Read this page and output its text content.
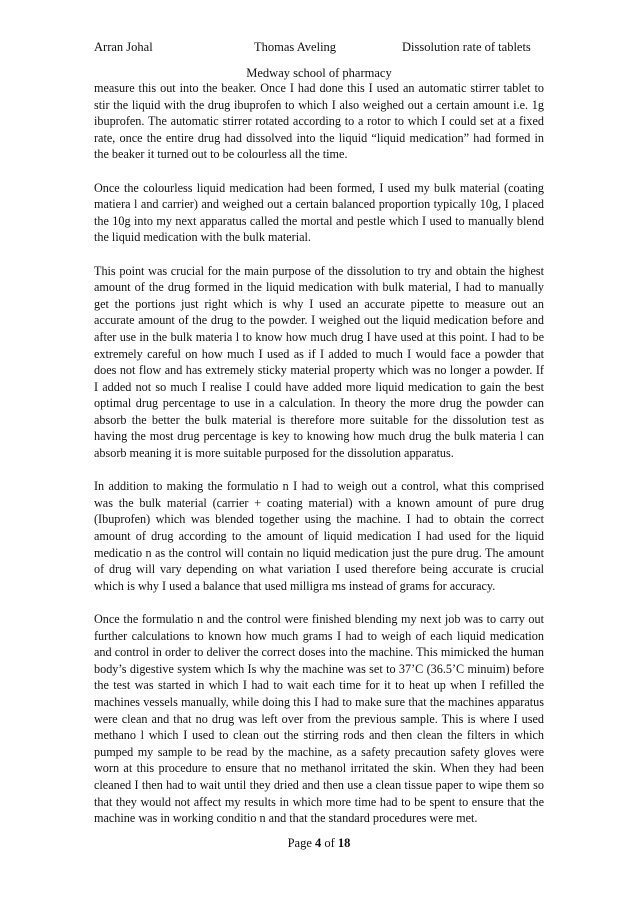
Arran Johal	Thomas Aveling	Dissolution rate of tablets
Medway school of pharmacy

measure this out into the beaker. Once I had done this I used an automatic stirrer tablet to stir the liquid with the drug ibuprofen to which I also weighed out a certain amount i.e. 1g ibuprofen. The automatic stirrer rotated according to a rotor to which I could set at a fixed rate, once the entire drug had dissolved into the liquid “liquid medication” had formed in the beaker it turned out to be colourless all the time.

Once the colourless liquid medication had been formed, I used my bulk material (coating matiera l and carrier) and weighed out a certain balanced proportion typically 10g, I placed the 10g into my next apparatus called the mortal and pestle which I used to manually blend the liquid medication with the bulk material.

This point was crucial for the main purpose of the dissolution to try and obtain the highest amount of the drug formed in the liquid medication with bulk material, I had to manually get the portions just right which is why I used an accurate pipette to measure out an accurate amount of the drug to the powder. I weighed out the liquid medication before and after use in the bulk materia l to know how much drug I have used at this point. I had to be extremely careful on how much I used as if I added to much I would face a powder that does not flow and has extremely sticky material property which was no longer a powder. If I added not so much I realise I could have added more liquid medication to gain the best optimal drug percentage to use in a calculation. In theory the more drug the powder can absorb the better the bulk material is therefore more suitable for the dissolution test as having the most drug percentage is key to knowing how much drug the bulk materia l can absorb meaning it is more suitable purposed for the dissolution apparatus.

In addition to making the formulatio n I had to weigh out a control, what this comprised was the bulk material (carrier + coating material) with a known amount of pure drug (Ibuprofen) which was blended together using the machine. I had to obtain the correct amount of drug according to the amount of liquid medication I had used for the liquid medicatio n as the control will contain no liquid medication just the pure drug. The amount of drug will vary depending on what variation I used therefore being accurate is crucial which is why I used a balance that used milligra ms instead of grams for accuracy.

Once the formulatio n and the control were finished blending my next job was to carry out further calculations to known how much grams I had to weigh of each liquid medication and control in order to deliver the correct doses into the machine. This mimicked the human body’s digestive system which Is why the machine was set to 37’C (36.5’C minuim) before the test was started in which I had to wait each time for it to heat up when I refilled the machines vessels manually, while doing this I had to make sure that the machines apparatus were clean and that no drug was left over from the previous sample. This is where I used methano l which I used to clean out the stirring rods and then clean the filters in which pumped my sample to be read by the machine, as a safety precaution safety gloves were worn at this procedure to ensure that no methanol irritated the skin. When they had been cleaned I then had to wait until they dried and then use a clean tissue paper to wipe them so that they would not affect my results in which more time had to be spent to ensure that the machine was in working conditio n and that the standard procedures were met.

Page 4 of 18
